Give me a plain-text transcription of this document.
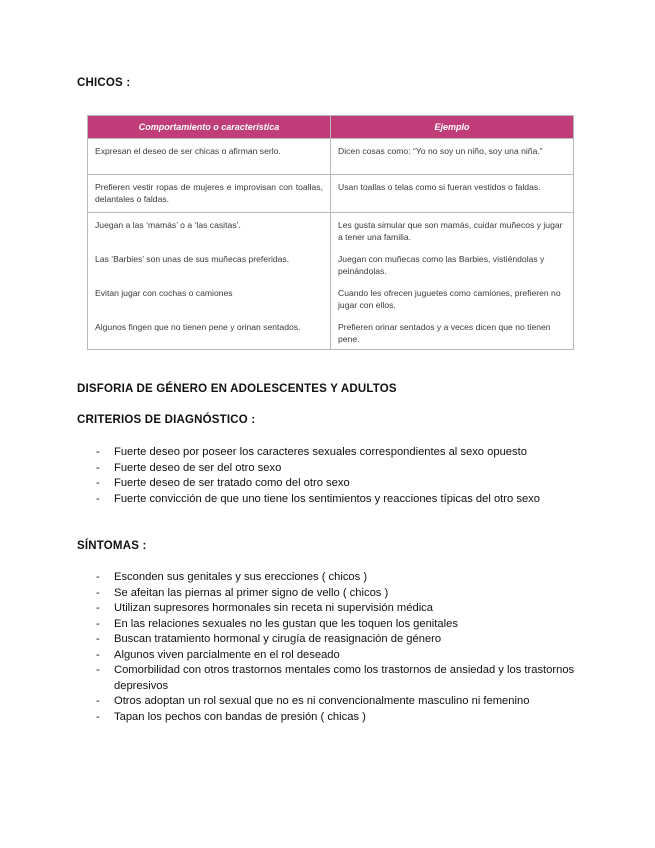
CHICOS :

Comportamiento o característica	Ejemplo
Expresan el deseo de ser chicas o afirman serlo.	Dicen cosas como: “Yo no soy un niño, soy una niña.”
Prefieren vestir ropas de mujeres e improvisan con toallas, delantales o faldas.	Usan toallas o telas como si fueran vestidos o faldas.
Juegan a las ‘mamás’ o a ‘las casitas’.	Les gusta simular que son mamás, cuidar muñecos y jugar a tener una familia.
Las ‘Barbies’ son unas de sus muñecas preferidas.	Juegan con muñecas como las Barbies, vistiéndolas y peinándolas.
Evitan jugar con cochas o camiones	Cuando les ofrecen juguetes como camiones, prefieren no jugar con ellos.
Algunos fingen que no tienen pene y orinan sentados.	Prefieren orinar sentados y a veces dicen que no tienen pene.

DISFORIA DE GÉNERO EN ADOLESCENTES Y ADULTOS

CRITERIOS DE DIAGNÓSTICO :

- Fuerte deseo por poseer los caracteres sexuales correspondientes al sexo opuesto
- Fuerte deseo de ser del otro sexo
- Fuerte deseo de ser tratado como del otro sexo
- Fuerte convicción de que uno tiene los sentimientos y reacciones típicas del otro sexo

SÍNTOMAS :

- Esconden sus genitales y sus erecciones ( chicos )
- Se afeitan las piernas al primer signo de vello ( chicos )
- Utilizan supresores hormonales sin receta ni supervisión médica
- En las relaciones sexuales no les gustan que les toquen los genitales
- Buscan tratamiento hormonal y cirugía de reasignación de género
- Algunos viven parcialmente en el rol deseado
- Comorbilidad con otros trastornos mentales como los trastornos de ansiedad y los trastornos depresivos
- Otros adoptan un rol sexual que no es ni convencionalmente masculino ni femenino
- Tapan los pechos con bandas de presión ( chicas )
